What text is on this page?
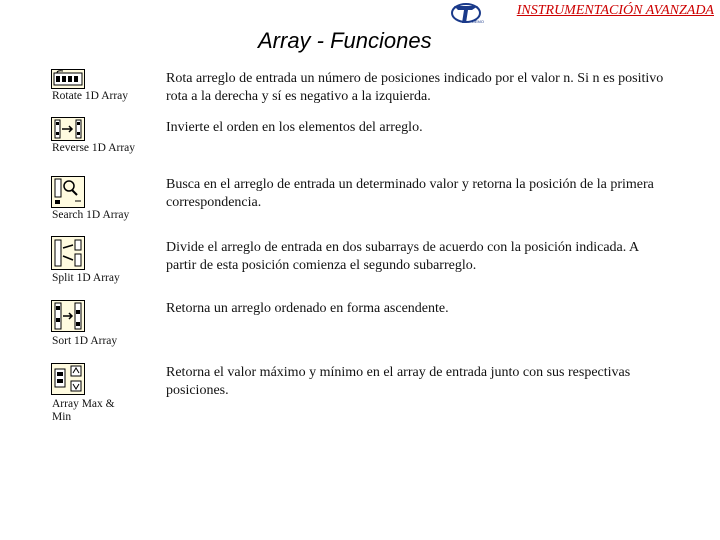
DEMO
INSTRUMENTACIÓN AVANZADA
Array - Funciones
Rotate 1D Array
Rota arreglo de entrada un número de posiciones indicado por el valor n. Si n es positivo rota a la derecha y sí es negativo a la izquierda.
Reverse 1D Array
Invierte el orden en los elementos del arreglo.
Search 1D Array
Busca en el arreglo de entrada un determinado valor y retorna la posición de la primera correspondencia.
Split 1D Array
Divide el arreglo de entrada en dos subarrays de acuerdo con la posición indicada. A partir de esta posición comienza el segundo subarreglo.
Sort 1D Array
Retorna un arreglo ordenado en forma ascendente.
Array Max & Min
Retorna el valor máximo y mínimo en el array de entrada junto con sus respectivas posiciones.
